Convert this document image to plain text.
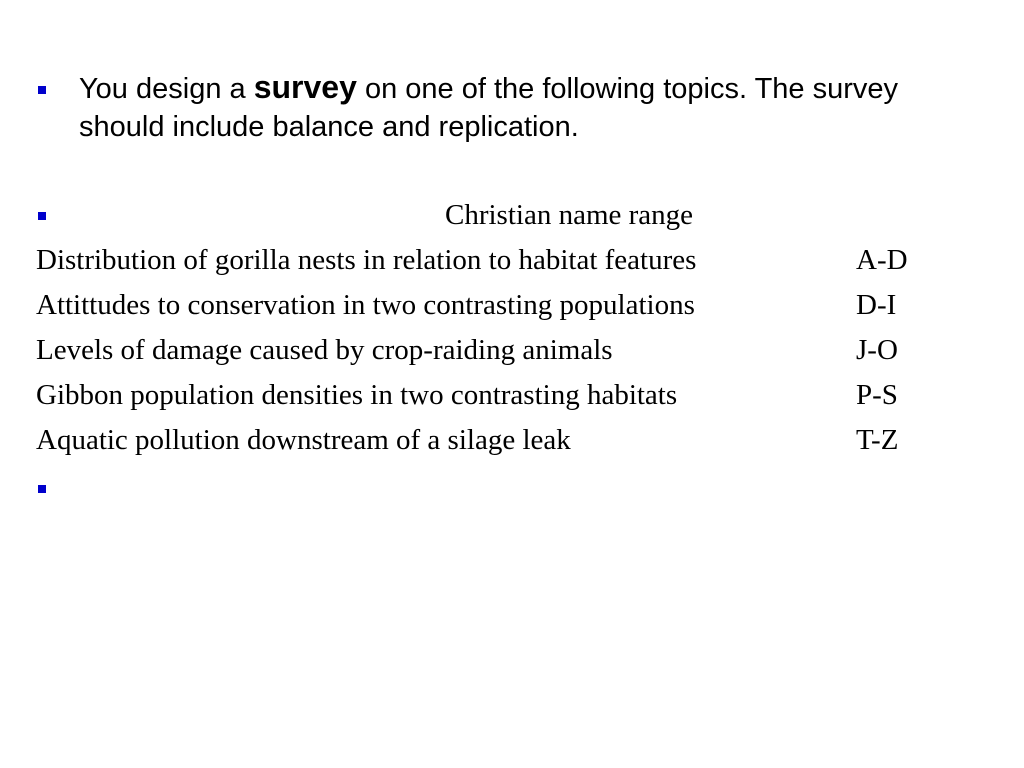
You design a survey on one of the following topics. The survey should include balance and replication.
Christian name range
Distribution of gorilla nests in relation to habitat features	A-D
Attittudes to conservation in two contrasting populations	D-I
Levels of damage caused by crop-raiding animals	J-O
Gibbon population densities in two contrasting habitats	P-S
Aquatic pollution downstream of a silage leak	T-Z
